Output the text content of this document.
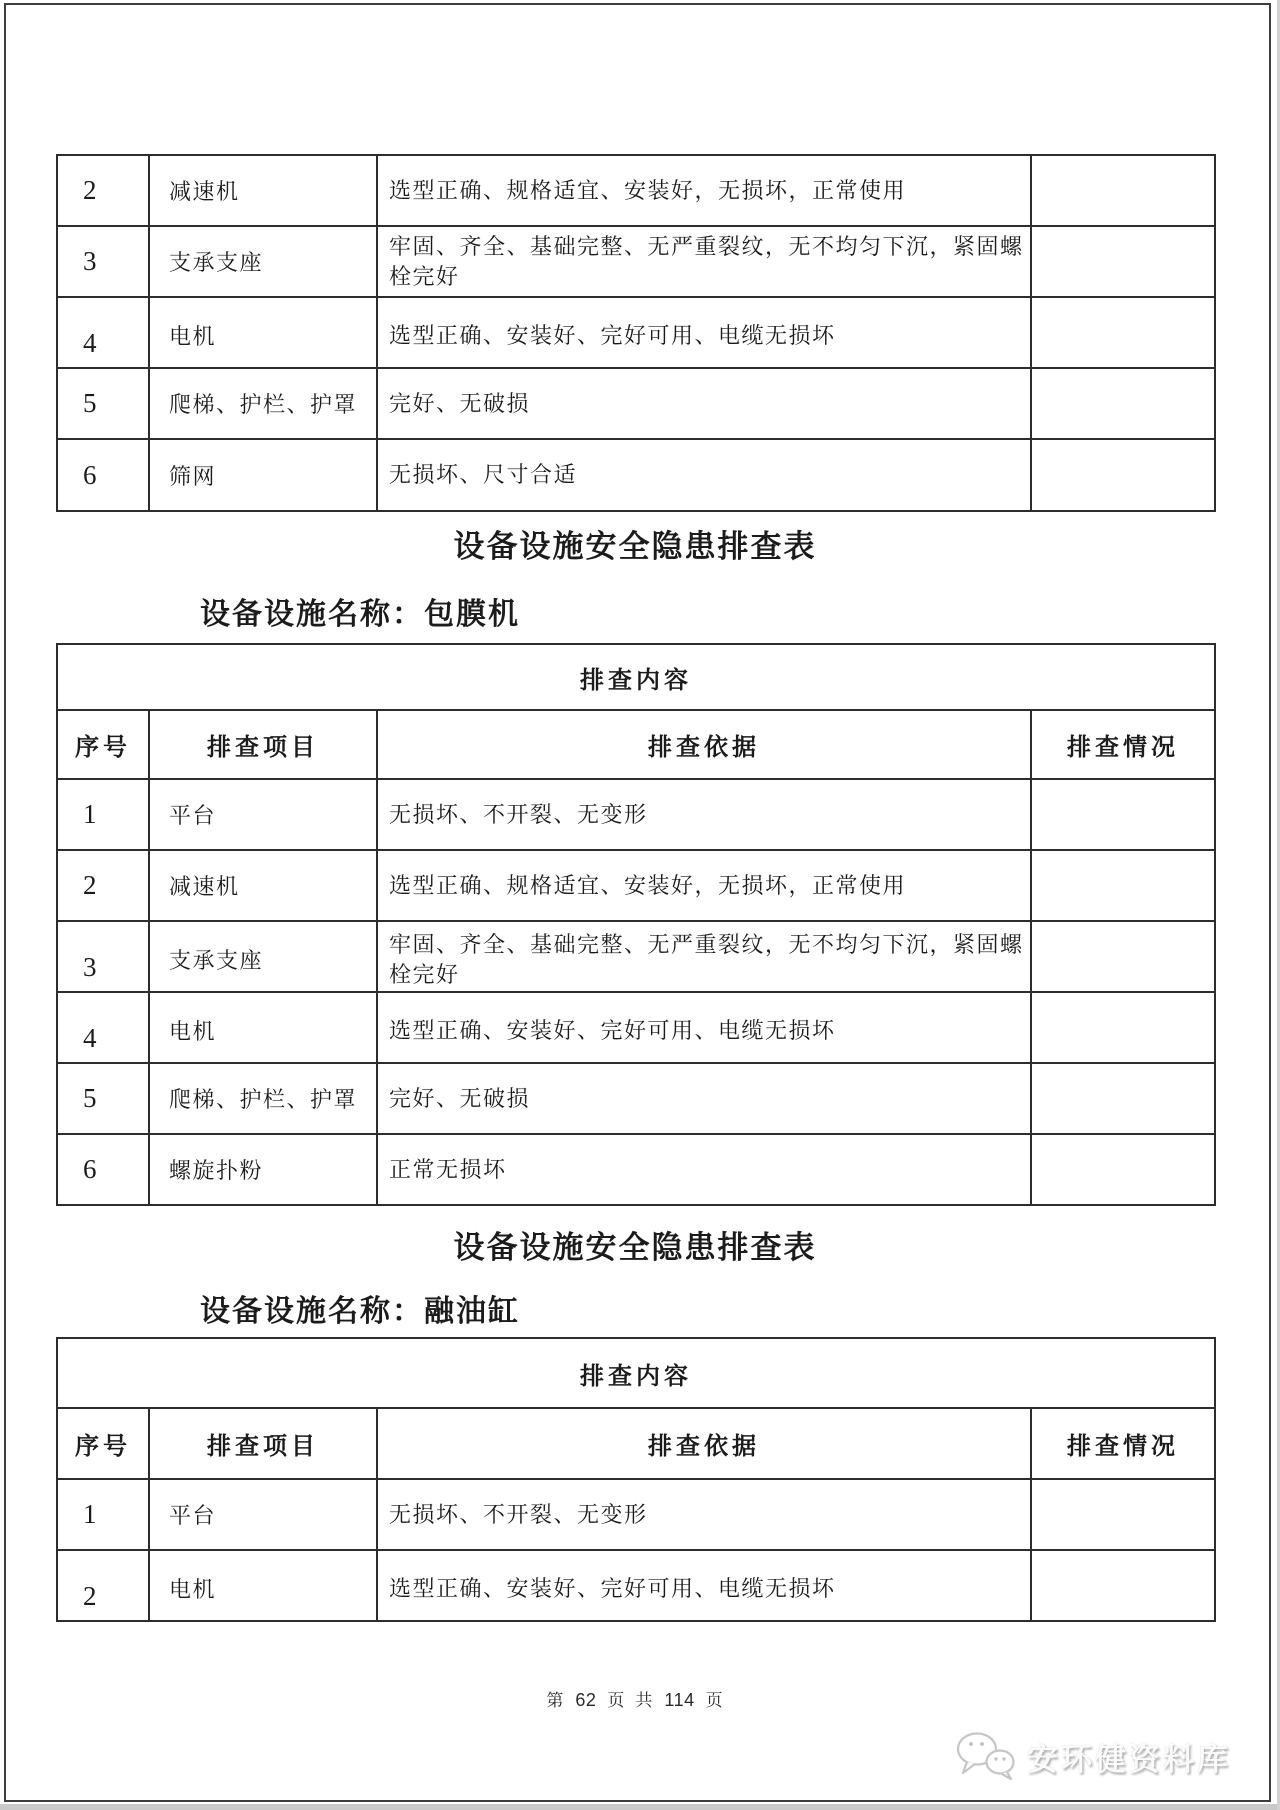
2	减速机	选型正确、规格适宜、安装好，无损坏，正常使用	
3	支承支座	牢固、齐全、基础完整、无严重裂纹，无不均匀下沉，紧固螺栓完好	
4	电机	选型正确、安装好、完好可用、电缆无损坏	
5	爬梯、护栏、护罩	完好、无破损	
6	筛网	无损坏、尺寸合适	
设备设施安全隐患排查表
设备设施名称：包膜机
排查内容			
序号	排查项目	排查依据	排查情况
1	平台	无损坏、不开裂、无变形	
2	减速机	选型正确、规格适宜、安装好，无损坏，正常使用	
3	支承支座	牢固、齐全、基础完整、无严重裂纹，无不均匀下沉，紧固螺栓完好	
4	电机	选型正确、安装好、完好可用、电缆无损坏	
5	爬梯、护栏、护罩	完好、无破损	
6	螺旋扑粉	正常无损坏	
设备设施安全隐患排查表
设备设施名称：融油缸
排查内容			
序号	排查项目	排查依据	排查情况
1	平台	无损坏、不开裂、无变形	
2	电机	选型正确、安装好、完好可用、电缆无损坏	
第 62 页 共 114 页
安环健资料库
